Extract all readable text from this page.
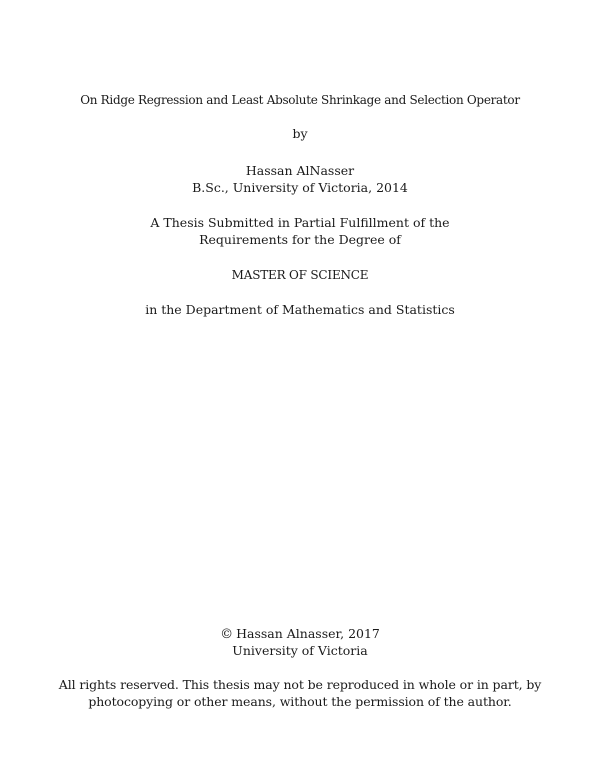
On Ridge Regression and Least Absolute Shrinkage and Selection Operator
by
Hassan AlNasser
B.Sc., University of Victoria, 2014
A Thesis Submitted in Partial Fulfillment of the
Requirements for the Degree of
MASTER OF SCIENCE
in the Department of Mathematics and Statistics
© Hassan Alnasser, 2017
University of Victoria
All rights reserved. This thesis may not be reproduced in whole or in part, by
photocopying or other means, without the permission of the author.
